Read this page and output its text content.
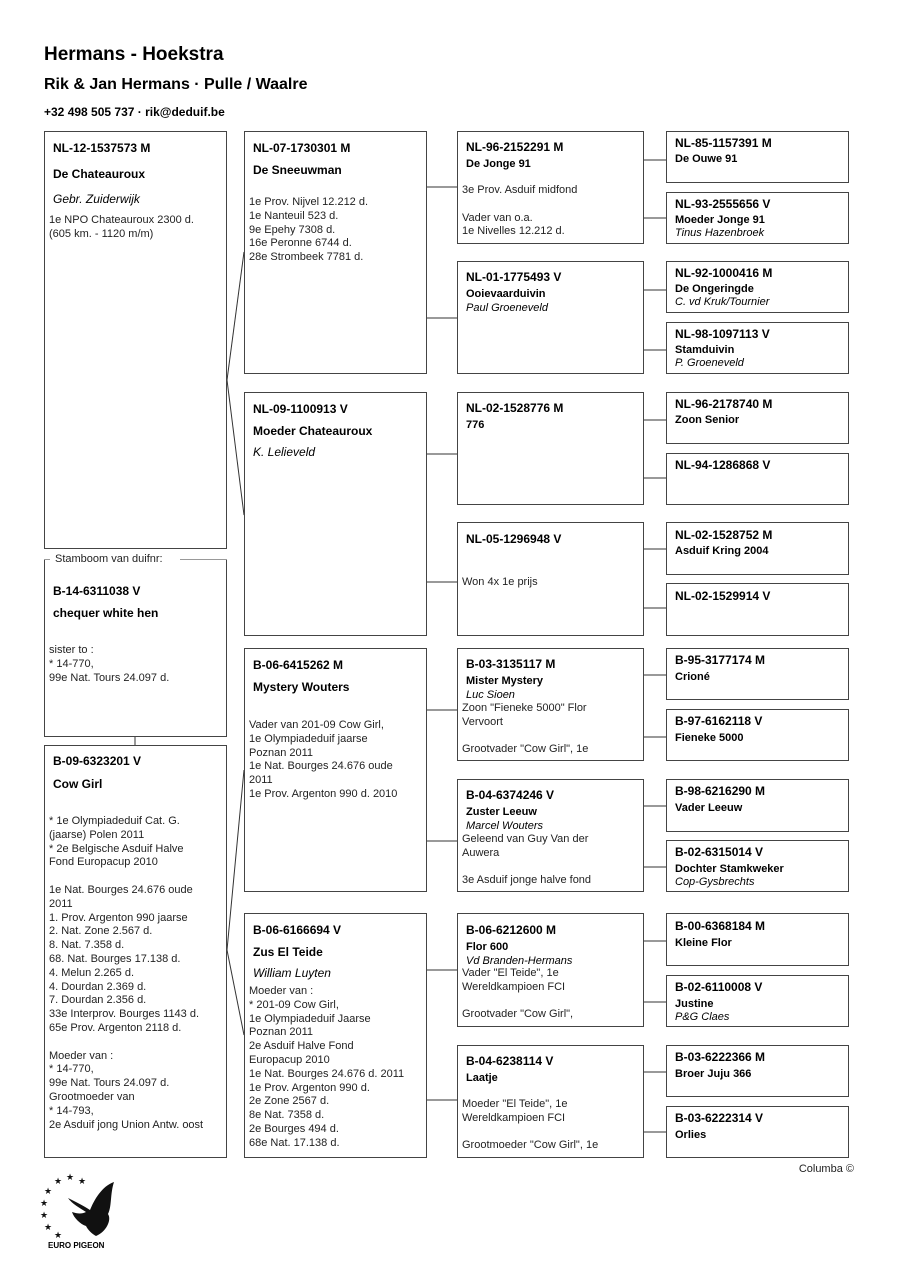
Hermans - Hoekstra
Rik & Jan Hermans · Pulle / Waalre
+32 498 505 737 · rik@deduif.be
NL-12-1537573 M
De Chateauroux
Gebr. Zuiderwijk
1e NPO Chateauroux 2300 d.
(605 km. - 1120 m/m)
B-14-6311038 V
chequer white hen
sister to :
* 14-770,
99e Nat. Tours 24.097 d.
Stamboom van duifnr:
B-09-6323201 V
Cow Girl
* 1e Olympiadeduif Cat. G.
(jaarse) Polen 2011
* 2e Belgische Asduif Halve
Fond Europacup 2010

1e Nat. Bourges 24.676 oude
2011
1. Prov. Argenton 990 jaarse
2. Nat. Zone 2.567 d.
8. Nat. 7.358 d.
68. Nat. Bourges 17.138 d.
4. Melun 2.265 d.
4. Dourdan 2.369 d.
7. Dourdan 2.356 d.
33e Interprov. Bourges 1143 d.
65e Prov. Argenton 2118 d.

Moeder van :
* 14-770,
99e Nat. Tours 24.097 d.
Grootmoeder van
* 14-793,
2e Asduif jong Union Antw. oost
NL-07-1730301 M
De Sneeuwman
1e Prov. Nijvel 12.212 d.
1e Nanteuil 523 d.
9e Epehy 7308 d.
16e Peronne 6744 d.
28e Strombeek 7781 d.
NL-09-1100913 V
Moeder Chateauroux
K. Lelieveld
B-06-6415262 M
Mystery Wouters
Vader van 201-09 Cow Girl,
1e Olympiadeduif jaarse
Poznan 2011
1e Nat. Bourges 24.676 oude
2011
1e Prov. Argenton 990 d. 2010
B-06-6166694 V
Zus El Teide
William Luyten
Moeder van :
* 201-09 Cow Girl,
1e Olympiadeduif Jaarse
Poznan 2011
2e Asduif Halve Fond
Europacup 2010
1e Nat. Bourges 24.676 d. 2011
1e Prov. Argenton 990 d.
2e Zone 2567 d.
8e Nat. 7358 d.
2e Bourges 494 d.
68e Nat. 17.138 d.
NL-96-2152291 M
De Jonge 91
3e Prov. Asduif midfond

Vader van o.a.
1e Nivelles 12.212 d.
NL-01-1775493 V
Ooievaarduivin
Paul Groeneveld
NL-02-1528776 M
776
NL-05-1296948 V
Won 4x 1e prijs
B-03-3135117 M
Mister Mystery
Luc Sioen
Zoon "Fieneke 5000" Flor
Vervoort

Grootvader "Cow Girl", 1e
B-04-6374246 V
Zuster Leeuw
Marcel Wouters
Geleend van Guy Van der
Auwera

3e Asduif jonge halve fond
B-06-6212600 M
Flor 600
Vd Branden-Hermans
Vader "El Teide", 1e
Wereldkampioen FCI

Grootvader "Cow Girl",
B-04-6238114 V
Laatje
Moeder "El Teide", 1e
Wereldkampioen FCI

Grootmoeder "Cow Girl", 1e
NL-85-1157391 M
De Ouwe 91
NL-93-2555656 V
Moeder Jonge 91
Tinus Hazenbroek
NL-92-1000416 M
De Ongeringde
C. vd Kruk/Tournier
NL-98-1097113 V
Stamduivin
P. Groeneveld
NL-96-2178740 M
Zoon Senior
NL-94-1286868 V
NL-02-1528752 M
Asduif Kring 2004
NL-02-1529914 V
B-95-3177174 M
Crioné
B-97-6162118 V
Fieneke 5000
B-98-6216290 M
Vader Leeuw
B-02-6315014 V
Dochter Stamkweker
Cop-Gysbrechts
B-00-6368184 M
Kleine Flor
B-02-6110008 V
Justine
P&G Claes
B-03-6222366 M
Broer Juju 366
B-03-6222314 V
Orlies
Columba ©
★
★ ★ ★
★
★
★
★
EURO PIGEON
